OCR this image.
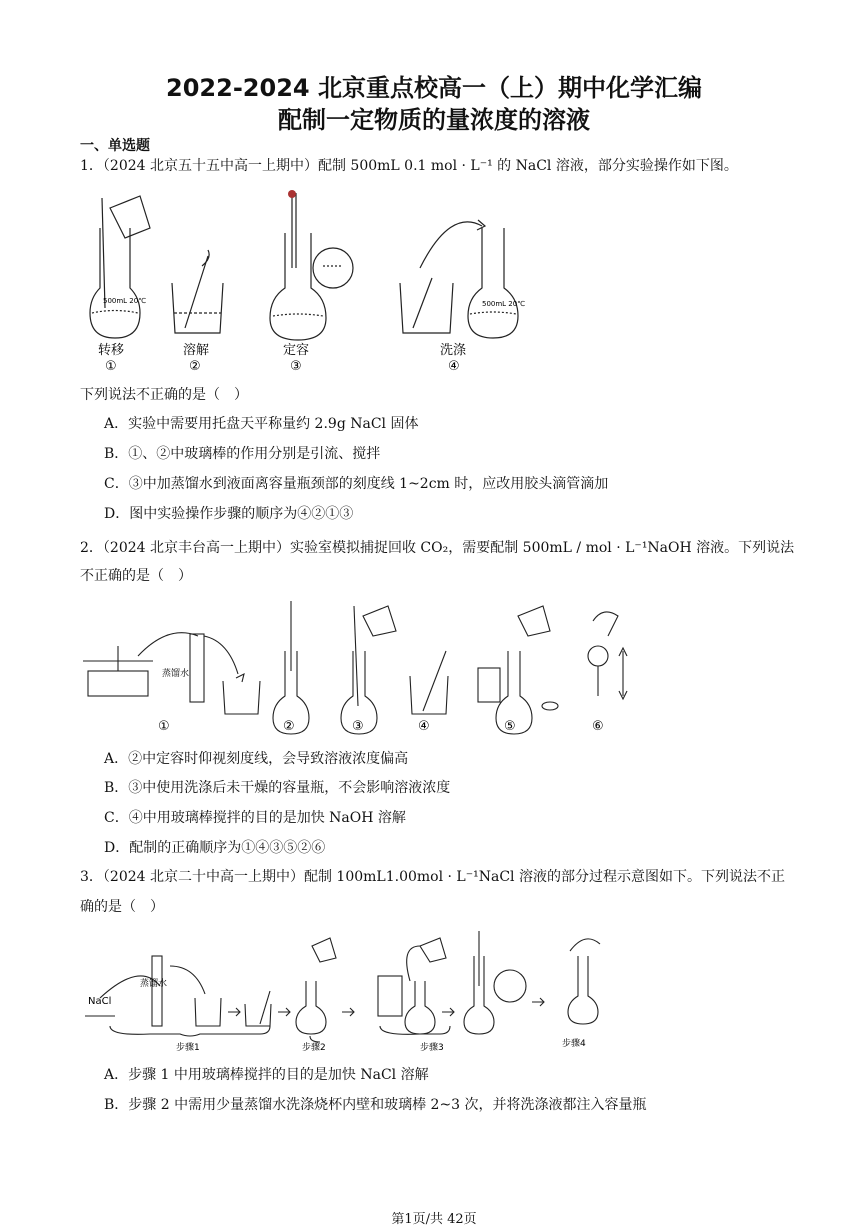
2022-2024 北京重点校高一（上）期中化学汇编
配制一定物质的量浓度的溶液
一、单选题
1．（2024 北京五十五中高一上期中）配制 500mL 0.1 mol · L⁻¹ 的 NaCl 溶液，部分实验操作如下图。
500mL 20℃	500mL 20℃
转移	溶解	定容	洗涤
①	②	③	④
下列说法不正确的是（　）
A．实验中需要用托盘天平称量约 2.9g NaCl 固体
B．①、②中玻璃棒的作用分别是引流、搅拌
C．③中加蒸馏水到液面离容量瓶颈部的刻度线 1~2cm 时，应改用胶头滴管滴加
D．图中实验操作步骤的顺序为④②①③
2．（2024 北京丰台高一上期中）实验室模拟捕捉回收 CO₂，需要配制 500mL / mol · L⁻¹NaOH 溶液。下列说法
不正确的是（　）
蒸馏水
①	②	③	④	⑤	⑥
A．②中定容时仰视刻度线，会导致溶液浓度偏高
B．③中使用洗涤后未干燥的容量瓶，不会影响溶液浓度
C．④中用玻璃棒搅拌的目的是加快 NaOH 溶解
D．配制的正确顺序为①④③⑤②⑥
3．（2024 北京二十中高一上期中）配制 100mL1.00mol · L⁻¹NaCl 溶液的部分过程示意图如下。下列说法不正
确的是（　）
NaCl
蒸馏水
步骤1	步骤2	步骤3	步骤4
A．步骤 1 中用玻璃棒搅拌的目的是加快 NaCl 溶解
B．步骤 2 中需用少量蒸馏水洗涤烧杯内壁和玻璃棒 2~3 次，并将洗涤液都注入容量瓶
第1页/共 42页
